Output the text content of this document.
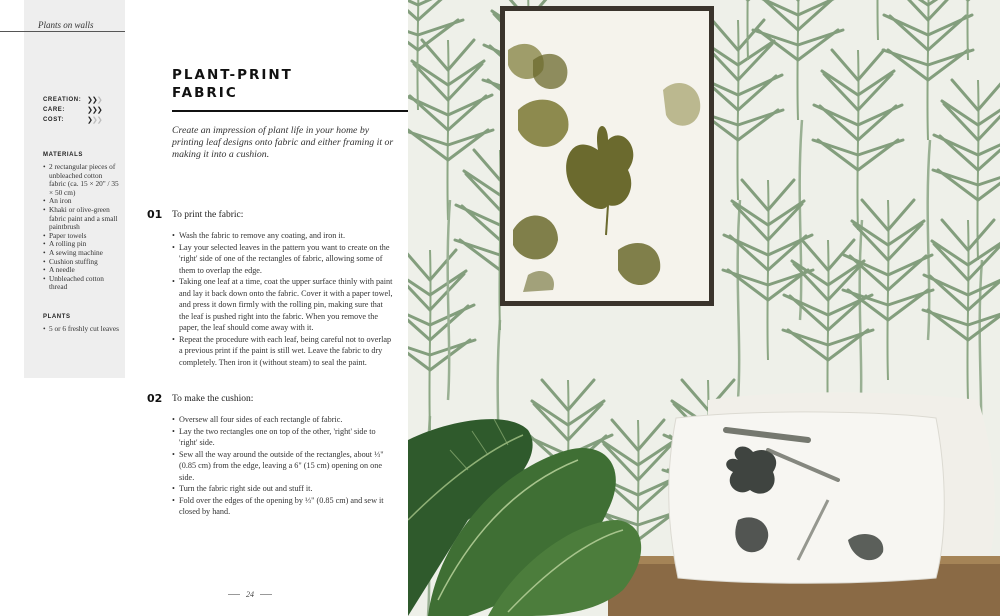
Plants on walls
CREATION: ❯❯❯
CARE:	❯❯❯
COST:	❯❯❯
MATERIALS
• 2 rectangular pieces of unbleached cotton fabric (ca. 15 × 20" / 35 × 50 cm)
• An iron
• Khaki or olive-green fabric paint and a small paintbrush
• Paper towels
• A rolling pin
• A sewing machine
• Cushion stuffing
• A needle
• Unbleached cotton thread
PLANTS
• 5 or 6 freshly cut leaves
PLANT-PRINT
FABRIC
Create an impression of plant life in your home by printing leaf designs onto fabric and either framing it or making it into a cushion.
01 To print the fabric:
• Wash the fabric to remove any coating, and iron it.
• Lay your selected leaves in the pattern you want to create on the 'right' side of one of the rectangles of fabric, allowing some of them to overlap the edge.
• Taking one leaf at a time, coat the upper surface thinly with paint and lay it back down onto the fabric. Cover it with a paper towel, and press it down firmly with the rolling pin, making sure that the leaf is pushed right into the fabric. When you remove the paper, the leaf should come away with it.
• Repeat the procedure with each leaf, being careful not to overlap a previous print if the paint is still wet. Leave the fabric to dry completely. Then iron it (without steam) to seal the paint.
02 To make the cushion:
• Oversew all four sides of each rectangle of fabric.
• Lay the two rectangles one on top of the other, 'right' side to 'right' side.
• Sew all the way around the outside of the rectangles, about ⅓" (0.85 cm) from the edge, leaving a 6" (15 cm) opening on one side.
• Turn the fabric right side out and stuff it.
• Fold over the edges of the opening by ⅓" (0.85 cm) and sew it closed by hand.
24
